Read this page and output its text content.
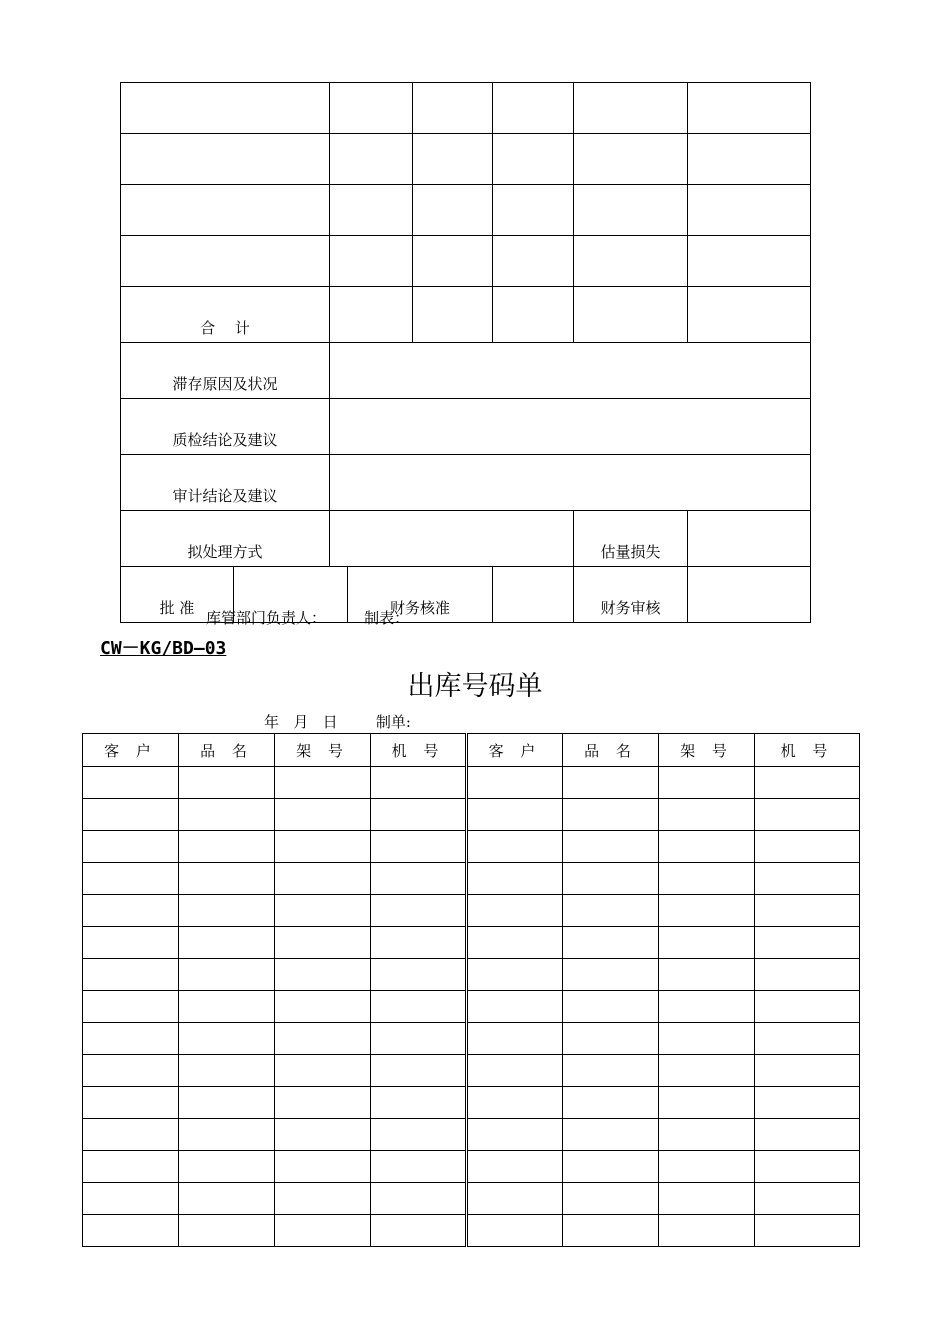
合　 计							
滞存原因及状况							
质检结论及建议							
审计结论及建议							
拟处理方式						估量损失	
批 准			财务核准			财务审核	
库管部门负责人：	制表：
CW－KG/BD—03
出库号码单
年 月 日	制单:
客 户	品 名	架 号	机 号	客 户	品 名	架 号	机 号
